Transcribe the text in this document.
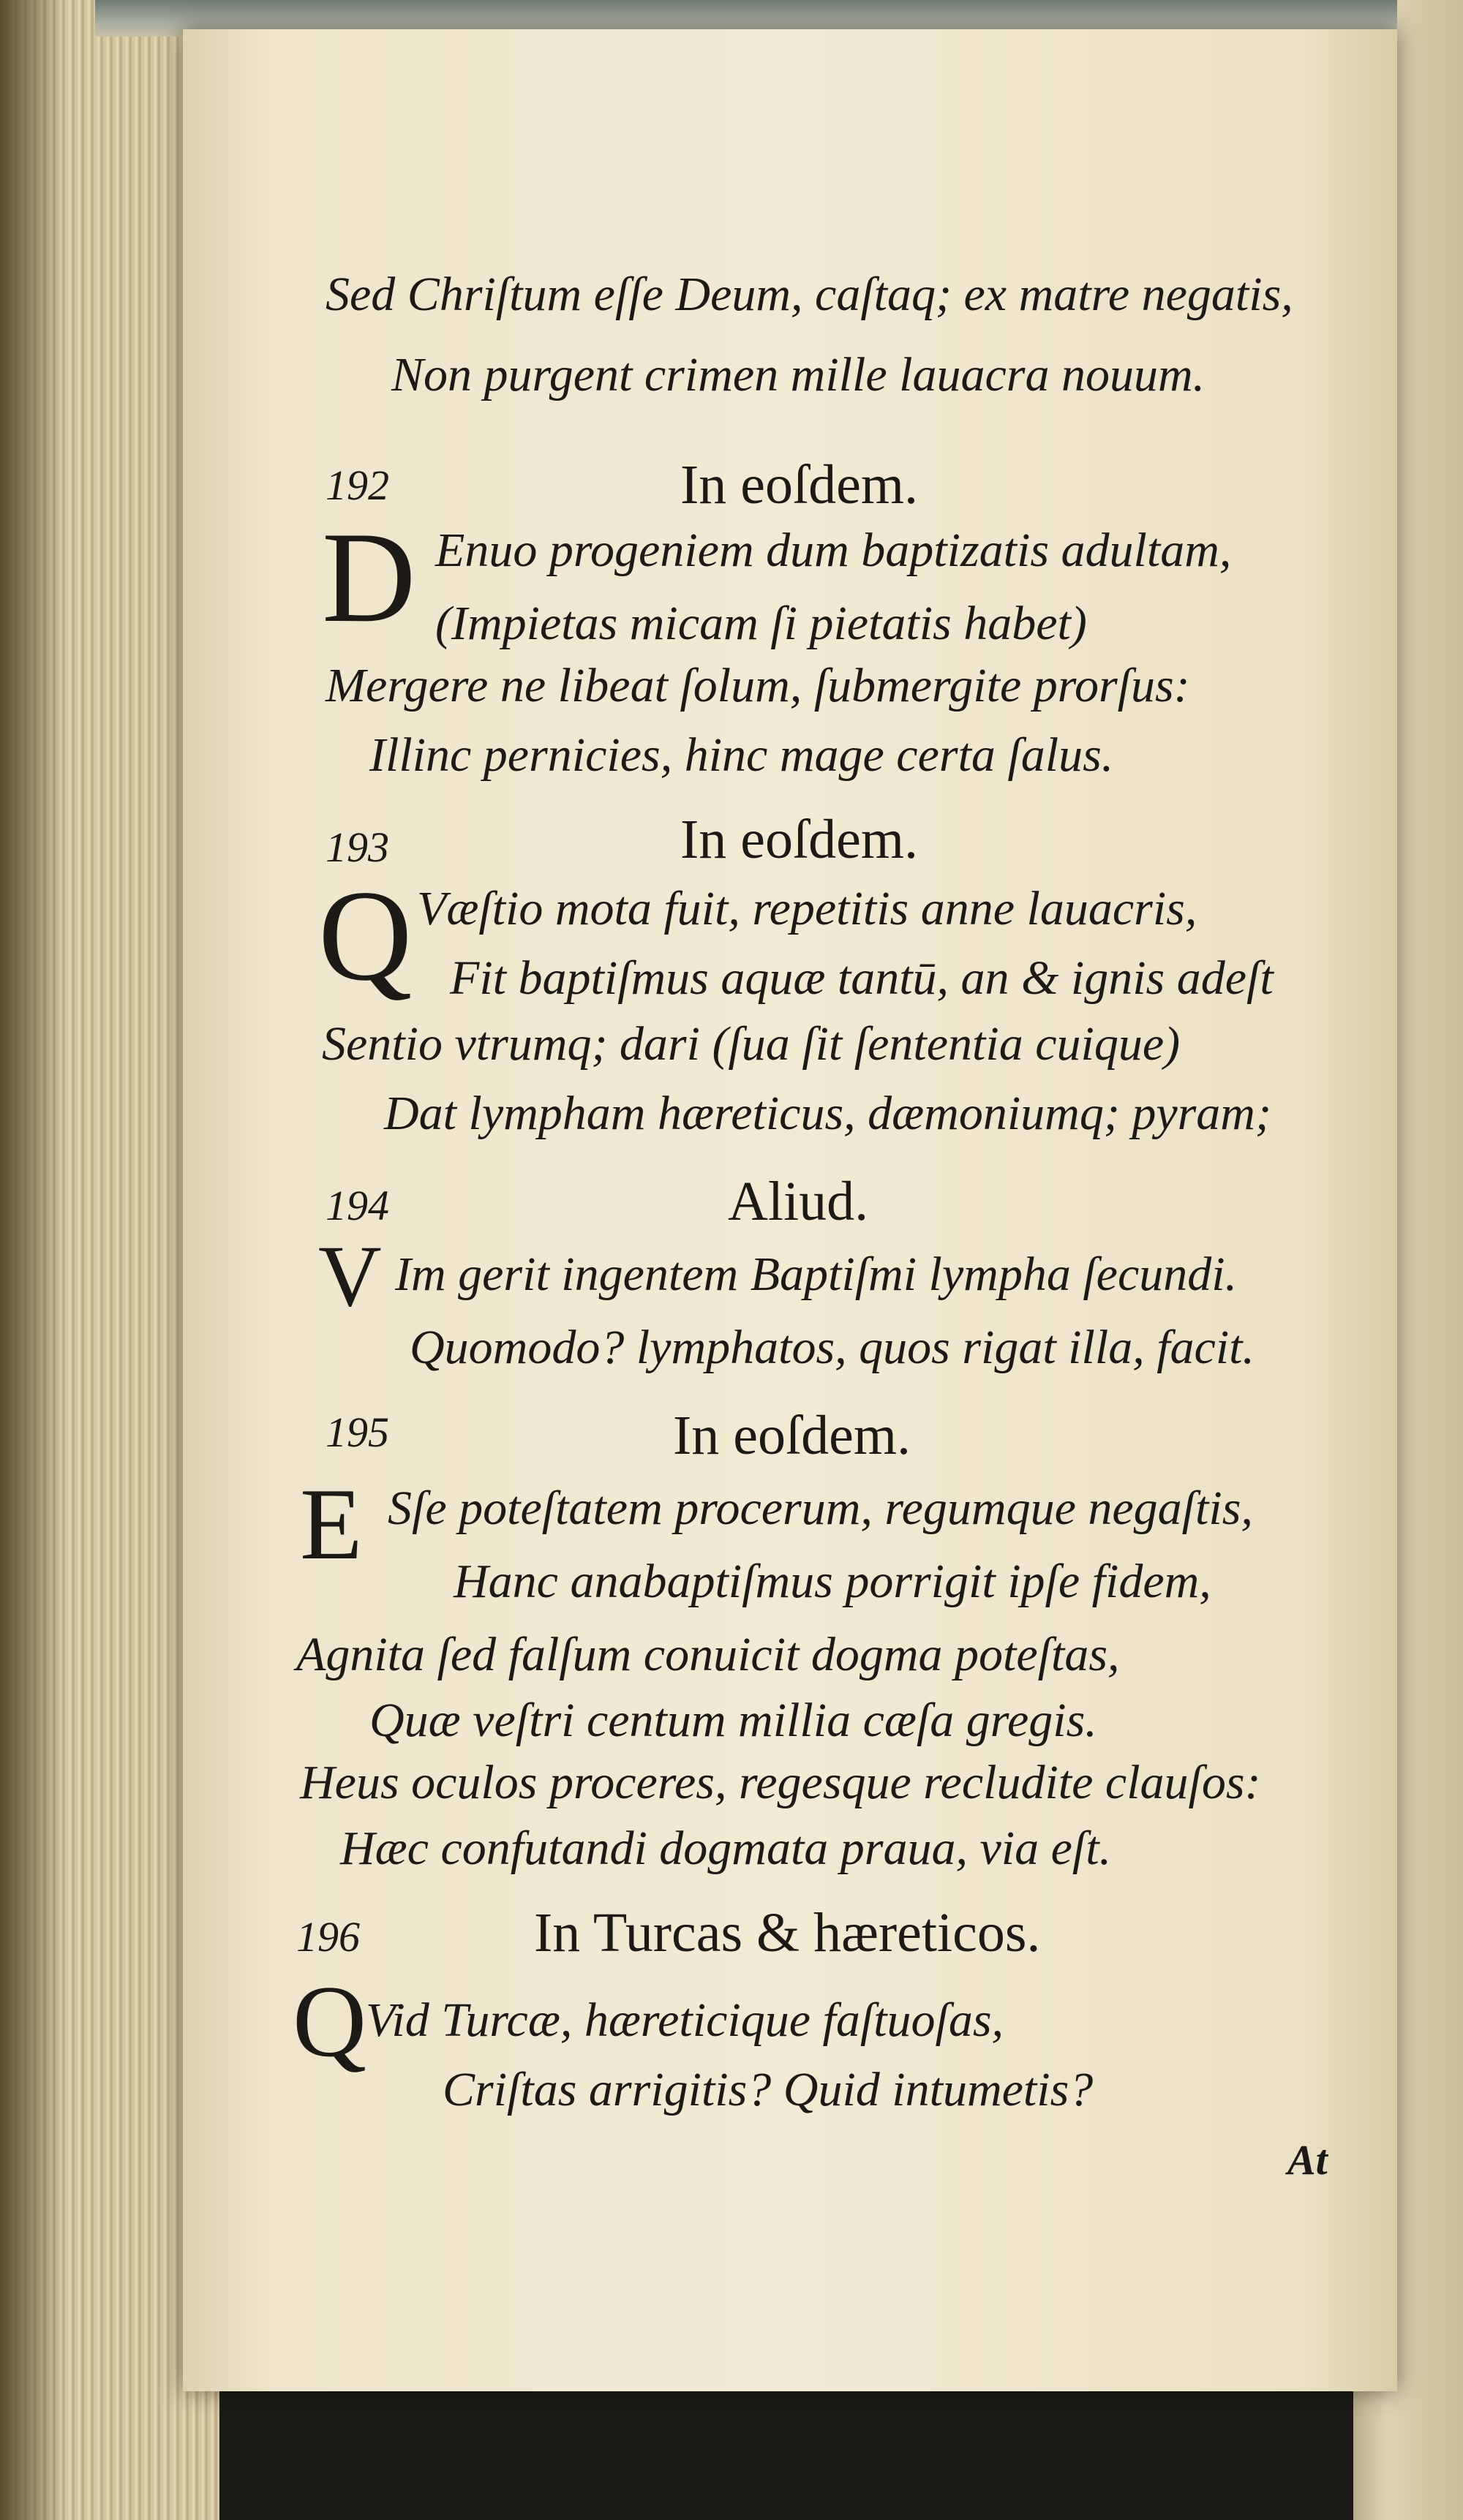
Sed Chriſtum eſſe Deum, caſtaq; ex matre negatis,
Non purgent crimen mille lauacra nouum.
192	In eoſdem.
D Enuo progeniem dum baptizatis adultam,
(Impietas micam ſi pietatis habet)
Mergere ne libeat ſolum, ſubmergite prorſus:
Illinc pernicies, hinc mage certa ſalus.
193	In eoſdem.
Q Væſtio mota fuit, repetitis anne lauacris,
Fit baptiſmus aquæ tantū, an & ignis adeſt
Sentio vtrumq; dari (ſua ſit ſententia cuique)
Dat lympham hæreticus, dæmoniumq; pyram;
194	Aliud.
V Im gerit ingentem Baptiſmi lympha ſecundi.
Quomodo? lymphatos, quos rigat illa, facit.
195	In eoſdem.
E Sſe poteſtatem procerum, regumque negaſtis,
Hanc anabaptiſmus porrigit ipſe fidem,
Agnita ſed falſum conuicit dogma poteſtas,
Quæ veſtri centum millia cæſa gregis.
Heus oculos proceres, regesque recludite clauſos:
Hæc confutandi dogmata praua, via eſt.
196	In Turcas & hæreticos.
Q
Vid Turcæ, hæreticique faſtuoſas,
Criſtas arrigitis? Quid intumetis?
At
